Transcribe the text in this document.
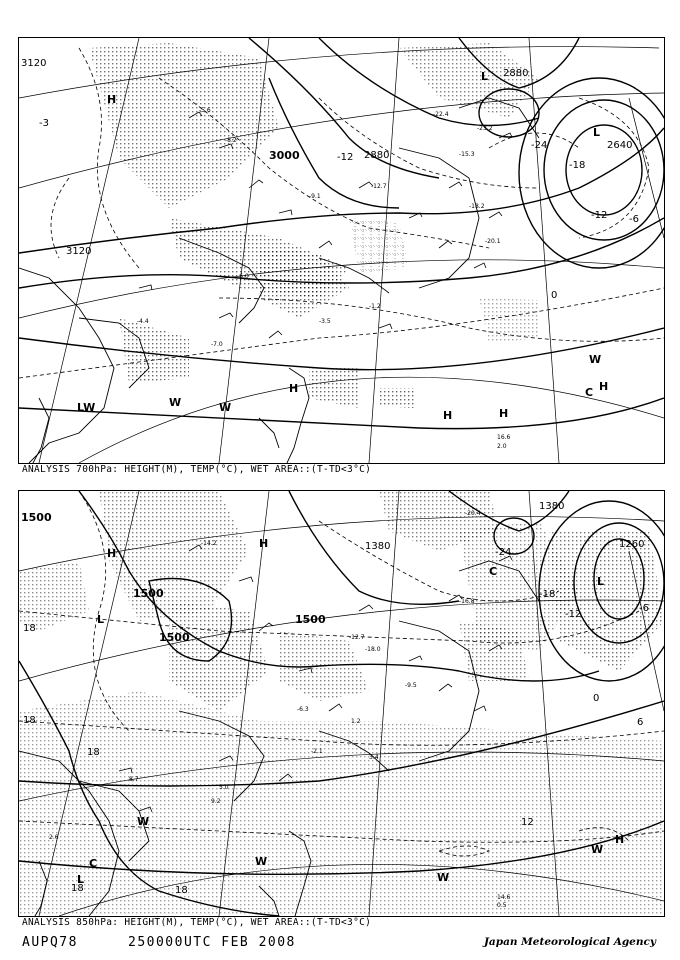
3120
3000	2880
2640
2880
3120
-24
-18
-12
-12
-6
0
-3
H
H
H	H
H
L
L
C
W	W
LW
W
-5.6
-8.2
-22.4
-15.3
-9.1
-12.7
-6.0
-3.5
-1.2
-18.2
-23.2
-20.1
-4.4
-7.0
2.0
16.6
ANALYSIS 700hPa: HEIGHT(M), TEMP(°C), WET AREA::(T-TD<3°C)
1500
1500
1500
1500
1380
1380	1260
18
18
18
18	18
-12
-18
-24
12
0
6
-6
H
H
H
L
L
L
C
C
W
W
W
W
-14.2
-12.7
-18.0
-9.5
-6.3
-2.1
1.2
3.4
5.0
8.7
-20.4
-16.8
2.6
0.5
14.6
9.2
ANALYSIS 850hPa: HEIGHT(M), TEMP(°C), WET AREA::(T-TD<3°C)
AUPQ78	250000UTC FEB 2008	Japan Meteorological Agency
